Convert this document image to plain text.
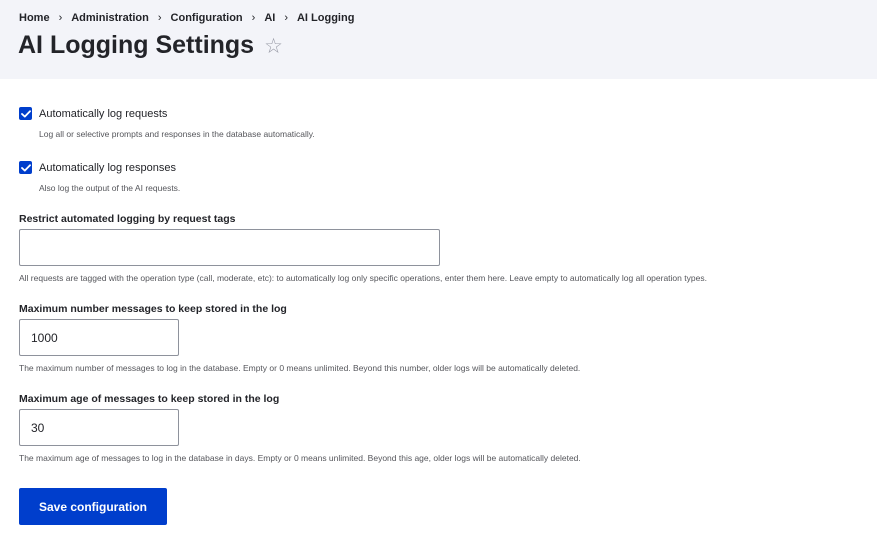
Home › Administration › Configuration › AI › AI Logging
AI Logging Settings ☆
Automatically log requests
Log all or selective prompts and responses in the database automatically.
Automatically log responses
Also log the output of the AI requests.
Restrict automated logging by request tags
All requests are tagged with the operation type (call, moderate, etc): to automatically log only specific operations, enter them here. Leave empty to automatically log all operation types.
Maximum number messages to keep stored in the log
1000
The maximum number of messages to log in the database. Empty or 0 means unlimited. Beyond this number, older logs will be automatically deleted.
Maximum age of messages to keep stored in the log
30
The maximum age of messages to log in the database in days. Empty or 0 means unlimited. Beyond this age, older logs will be automatically deleted.
Save configuration
